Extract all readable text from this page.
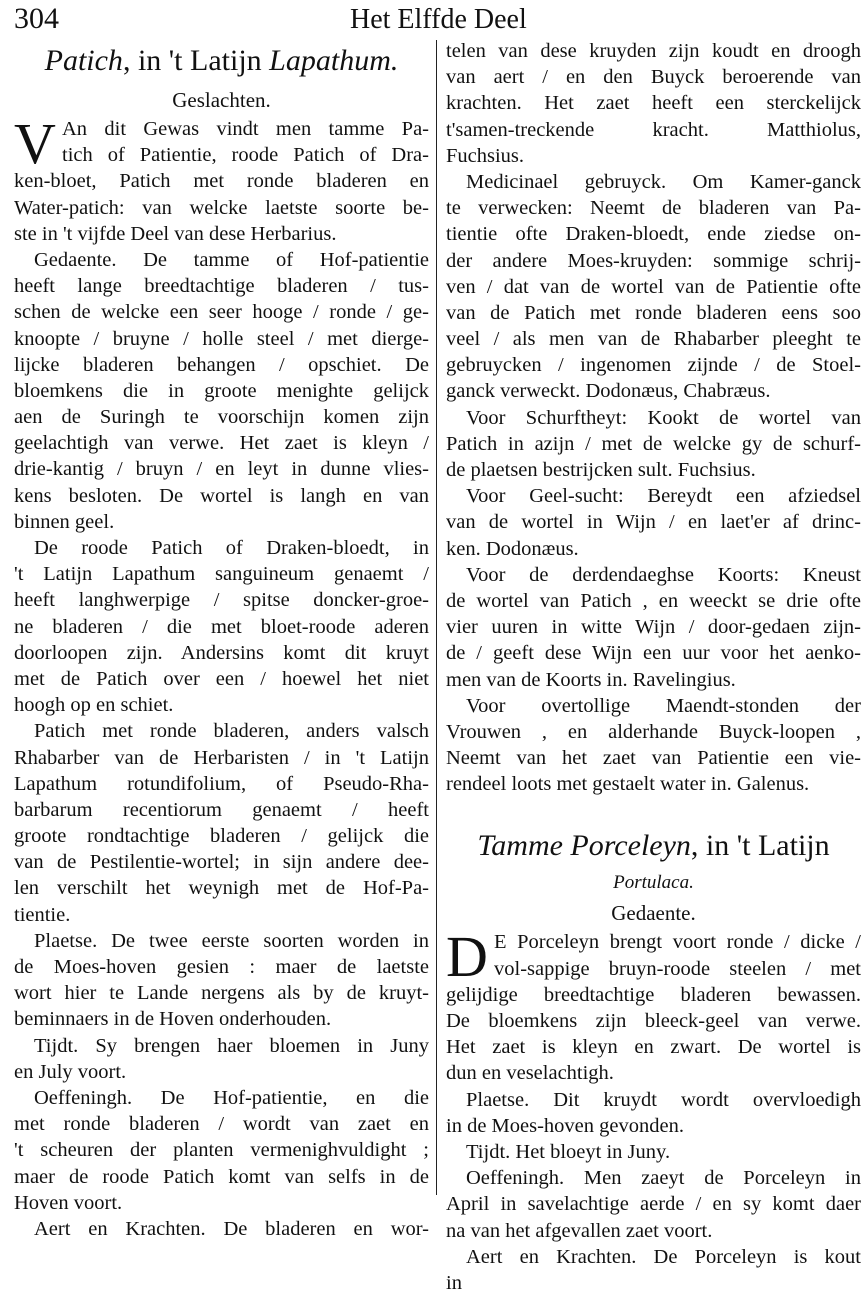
304	Het Elffde Deel
Patich, in 't Latijn Lapathum.
Geslachten.
V An dit Gewas vindt men tamme Pa-
tich of Patientie, roode Patich of Dra-
ken-bloet, Patich met ronde bladeren en
Water-patich: van welcke laetste soorte be-
ste in 't vijfde Deel van dese Herbarius.
Gedaente. De tamme of Hof-patientie
heeft lange breedtachtige bladeren / tus-
schen de welcke een seer hooge / ronde / ge-
knoopte / bruyne / holle steel / met dierge-
lijcke bladeren behangen / opschiet. De
bloemkens die in groote menighte gelijck
aen de Suringh te voorschijn komen zijn
geelachtigh van verwe. Het zaet is kleyn /
drie-kantig / bruyn / en leyt in dunne vlies-
kens besloten. De wortel is langh en van
binnen geel.
De roode Patich of Draken-bloedt, in
't Latijn Lapathum sanguineum genaemt /
heeft langhwerpige / spitse doncker-groe-
ne bladeren / die met bloet-roode aderen
doorloopen zijn. Andersins komt dit kruyt
met de Patich over een / hoewel het niet
hoogh op en schiet.
Patich met ronde bladeren, anders valsch
Rhabarber van de Herbaristen / in 't Latijn
Lapathum rotundifolium, of Pseudo-Rha-
barbarum recentiorum genaemt / heeft
groote rondtachtige bladeren / gelijck die
van de Pestilentie-wortel; in sijn andere dee-
len verschilt het weynigh met de Hof-Pa-
tientie.
Plaetse. De twee eerste soorten worden in
de Moes-hoven gesien : maer de laetste
wort hier te Lande nergens als by de kruyt-
beminnaers in de Hoven onderhouden.
Tijdt. Sy brengen haer bloemen in Juny
en July voort.
Oeffeningh. De Hof-patientie, en die
met ronde bladeren / wordt van zaet en
't scheuren der planten vermenighvuldight ;
maer de roode Patich komt van selfs in de
Hoven voort.
Aert en Krachten. De bladeren en wor-
telen van dese kruyden zijn koudt en droogh
van aert / en den Buyck beroerende van
krachten. Het zaet heeft een sterckelijck
t'samen-treckende kracht. Matthiolus,
Fuchsius.
Medicinael gebruyck. Om Kamer-ganck
te verwecken: Neemt de bladeren van Pa-
tientie ofte Draken-bloedt, ende ziedse on-
der andere Moes-kruyden: sommige schrij-
ven / dat van de wortel van de Patientie ofte
van de Patich met ronde bladeren eens soo
veel / als men van de Rhabarber pleeght te
gebruycken / ingenomen zijnde / de Stoel-
ganck verweckt. Dodonæus, Chabræus.
Voor Schurftheyt: Kookt de wortel van
Patich in azijn / met de welcke gy de schurf-
de plaetsen bestrijcken sult. Fuchsius.
Voor Geel-sucht: Bereydt een afziedsel
van de wortel in Wijn / en laet'er af drinc-
ken. Dodonæus.
Voor de derdendaeghse Koorts: Kneust
de wortel van Patich , en weeckt se drie ofte
vier uuren in witte Wijn / door-gedaen zijn-
de / geeft dese Wijn een uur voor het aenko-
men van de Koorts in. Ravelingius.
Voor overtollige Maendt-stonden der
Vrouwen , en alderhande Buyck-loopen ,
Neemt van het zaet van Patientie een vie-
rendeel loots met gestaelt water in. Galenus.
Tamme Porceleyn, in 't Latijn
Portulaca.
Gedaente.
D E Porceleyn brengt voort ronde / dicke /
vol-sappige bruyn-roode steelen / met
gelijdige breedtachtige bladeren bewassen.
De bloemkens zijn bleeck-geel van verwe.
Het zaet is kleyn en zwart. De wortel is
dun en veselachtigh.
Plaetse. Dit kruydt wordt overvloedigh
in de Moes-hoven gevonden.
Tijdt. Het bloeyt in Juny.
Oeffeningh. Men zaeyt de Porceleyn in
April in savelachtige aerde / en sy komt daer
na van het afgevallen zaet voort.
Aert en Krachten. De Porceleyn is kout
in
